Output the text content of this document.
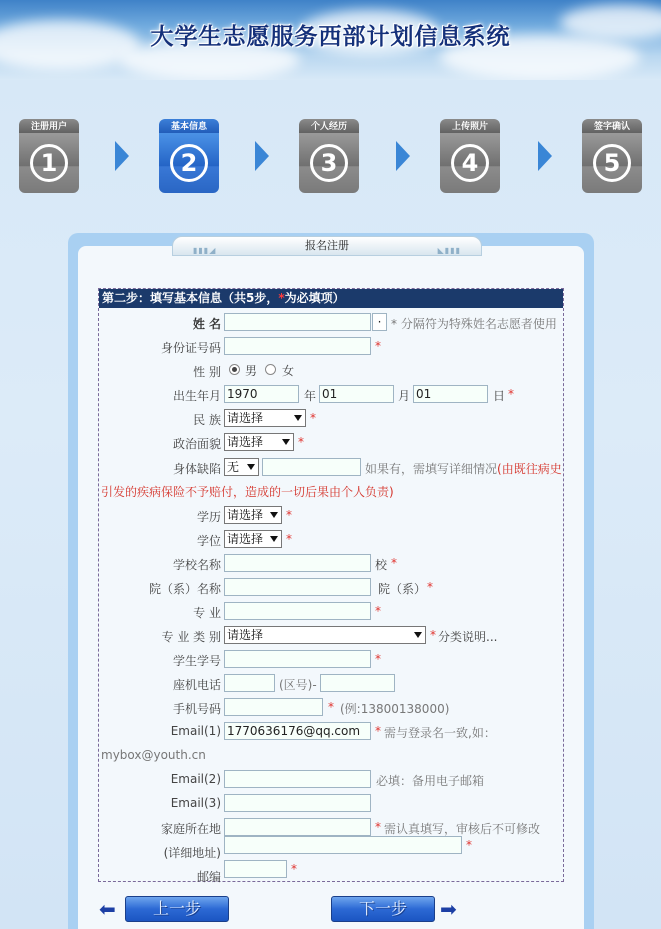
大学生志愿服务西部计划信息系统
注册用户
1
基本信息
2
个人经历
3
上传照片
4
签字确认
5
▮▮▮◢	报名注册	◣▮▮▮
第二步：填写基本信息（共5步，*为必填项）
姓 名	· * 分隔符为特殊姓名志愿者使用
身份证号码	*
性 别 男 女
出生年月 1970	年 01	月 01	日 *
民 族 请选择	*
政治面貌 请选择	*
身体缺陷 无	如果有，需填写详细情况(由既往病史
引发的疾病保险不予赔付，造成的一切后果由个人负责)
学历 请选择	*
学位 请选择	*
学校名称	校 *
院（系）名称	院（系） *
专 业	*
专 业 类 别 请选择	* 分类说明...
学生学号	*
座机电话	(区号)-
手机号码	* (例:13800138000)
Email(1) 1770636176@qq.com	* 需与登录名一致,如：
mybox@youth.cn
Email(2)	必填：备用电子邮箱
Email(3)
家庭所在地	* 需认真填写，审核后不可修改
(详细地址)
*
邮编
*
⬅	上一步	下一步	➡
